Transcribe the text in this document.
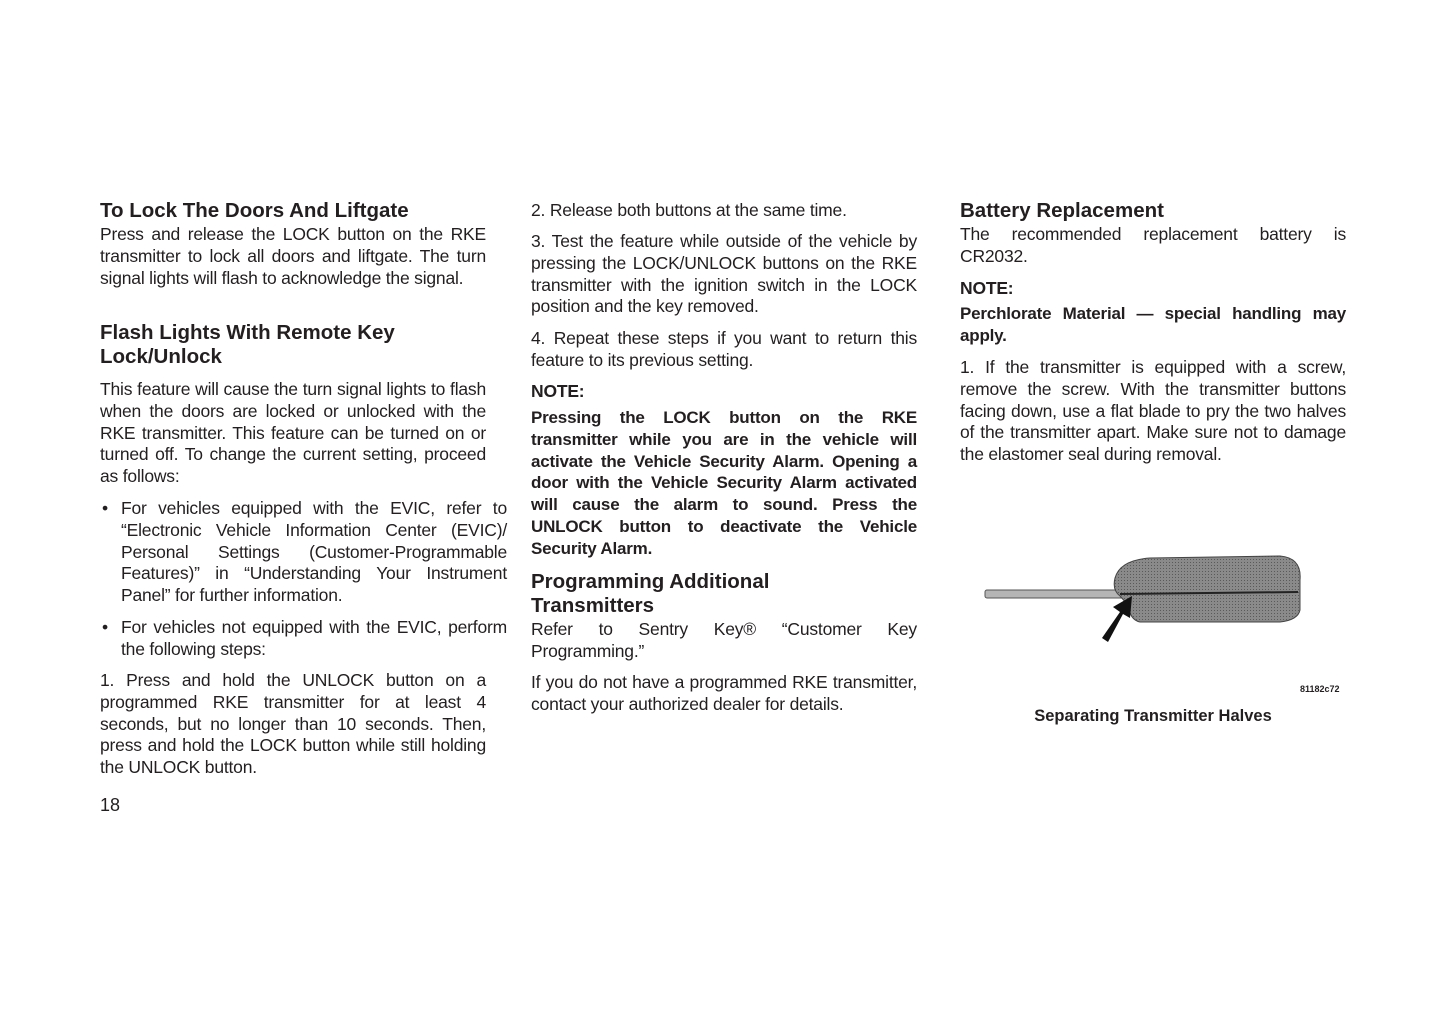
To Lock The Doors And Liftgate
Press and release the LOCK button on the RKE transmitter to lock all doors and liftgate. The turn signal lights will flash to acknowledge the signal.
Flash Lights With Remote Key Lock/Unlock
This feature will cause the turn signal lights to flash when the doors are locked or unlocked with the RKE transmitter. This feature can be turned on or turned off. To change the current setting, proceed as follows:
• For vehicles equipped with the EVIC, refer to “Electronic Vehicle Information Center (EVIC)/ Personal Settings (Customer-Programmable Features)” in “Understanding Your Instrument Panel” for further information.
• For vehicles not equipped with the EVIC, perform the following steps:
1. Press and hold the UNLOCK button on a programmed RKE transmitter for at least 4 seconds, but no longer than 10 seconds. Then, press and hold the LOCK button while still holding the UNLOCK button.
18
2. Release both buttons at the same time.
3. Test the feature while outside of the vehicle by pressing the LOCK/UNLOCK buttons on the RKE transmitter with the ignition switch in the LOCK position and the key removed.
4. Repeat these steps if you want to return this feature to its previous setting.
NOTE:
Pressing the LOCK button on the RKE transmitter while you are in the vehicle will activate the Vehicle Security Alarm. Opening a door with the Vehicle Security Alarm activated will cause the alarm to sound. Press the UNLOCK button to deactivate the Vehicle Security Alarm.
Programming Additional Transmitters
Refer to Sentry Key® “Customer Key Programming.”
If you do not have a programmed RKE transmitter, contact your authorized dealer for details.
Battery Replacement
The recommended replacement battery is CR2032.
NOTE:
Perchlorate Material — special handling may apply.
1. If the transmitter is equipped with a screw, remove the screw. With the transmitter buttons facing down, use a flat blade to pry the two halves of the transmitter apart. Make sure not to damage the elastomer seal during removal.
81182c72
Separating Transmitter Halves
